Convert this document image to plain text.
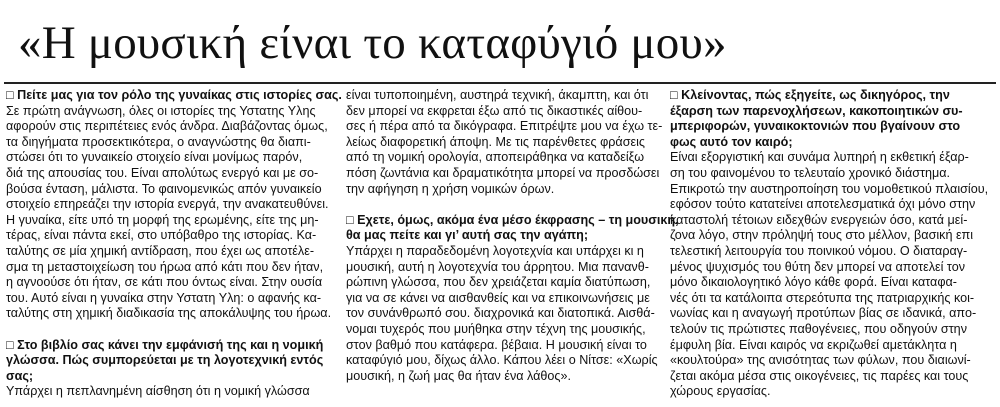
«Η μουσική είναι το καταφύγιό μου»
□ Πείτε μας για τον ρόλο της γυναίκας στις ιστορίες σας.
Σε πρώτη ανάγνωση, όλες οι ιστορίες της Υστατης Υλης
αφορούν στις περιπέτειες ενός άνδρα. Διαβάζοντας όμως,
τα διηγήματα προσεκτικότερα, ο αναγνώστης θα διαπι-
στώσει ότι το γυναικείο στοιχείο είναι μονίμως παρόν,
διά της απουσίας του. Είναι απολύτως ενεργό και με σο-
βούσα ένταση, μάλιστα. Το φαινομενικώς απόν γυναικείο
στοιχείο επηρεάζει την ιστορία ενεργά, την ανακατευθύνει.
Η γυναίκα, είτε υπό τη μορφή της ερωμένης, είτε της μη-
τέρας, είναι πάντα εκεί, στο υπόβαθρο της ιστορίας. Κα-
ταλύτης σε μία χημική αντίδραση, που έχει ως αποτέλε-
σμα τη μεταστοιχείωση του ήρωα από κάτι που δεν ήταν,
η αγνοούσε ότι ήταν, σε κάτι που όντως είναι. Στην ουσία
του. Αυτό είναι η γυναίκα στην Υστατη Υλη: ο αφανής κα-
ταλύτης στη χημική διαδικασία της αποκάλυψης του ήρωα.
□ Στο βιβλίο σας κάνει την εμφάνισή της και η νομική
γλώσσα. Πώς συμπορεύεται με τη λογοτεχνική εντός
σας;
Υπάρχει η πεπλανημένη αίσθηση ότι η νομική γλώσσα
είναι τυποποιημένη, αυστηρά τεχνική, άκαμπτη, και ότι
δεν μπορεί να εκφρεται έξω από τις δικαστικές αίθου-
σες ή πέρα από τα δικόγραφα. Επιτρέψτε μου να έχω τε-
λείως διαφορετική άποψη. Με τις παρένθετες φράσεις
από τη νομική ορολογία, αποπειράθηκα να καταδείξω
πόση ζωντάνια και δραματικότητα μπορεί να προσδώσει
την αφήγηση η χρήση νομικών όρων.
□ Εχετε, όμως, ακόμα ένα μέσο έκφρασης – τη μουσική,
θα μας πείτε και γι’ αυτή σας την αγάπη;
Υπάρχει η παραδεδομένη λογοτεχνία και υπάρχει κι η
μουσική, αυτή η λογοτεχνία του άρρητου. Μια πανανθ-
ρώπινη γλώσσα, που δεν χρειάζεται καμία διατύπωση,
για να σε κάνει να αισθανθείς και να επικοινωνήσεις με
τον συνάνθρωπό σου. διαχρονικά και διατοπικά. Αισθά-
νομαι τυχερός που μυήθηκα στην τέχνη της μουσικής,
στον βαθμό που κατάφερα. βέβαια. Η μουσική είναι το
καταφύγιό μου, δίχως άλλο. Κάπου λέει ο Νίτσε: «Χωρίς
μουσική, η ζωή μας θα ήταν ένα λάθος».
□ Κλείνοντας, πώς εξηγείτε, ως δικηγόρος, την
έξαρση των παρενοχλήσεων, κακοποιητικών συ-
μπεριφορών, γυναικοκτονιών που βγαίνουν στο
φως αυτό τον καιρό;
Είναι εξοργιστική και συνάμα λυπηρή η εκθετική έξαρ-
ση του φαινομένου το τελευταίο χρονικό διάστημα.
Επικροτώ την αυστηροποίηση του νομοθετικού πλαισίου,
εφόσον τούτο κατατείνει αποτελεσματικά όχι μόνο στην
καταστολή τέτοιων ειδεχθών ενεργειών όσο, κατά μεί-
ζονα λόγο, στην πρόληψή τους στο μέλλον, βασική επι
τελεστική λειτουργία του ποινικού νόμου. Ο διαταραγ-
μένος ψυχισμός του θύτη δεν μπορεί να αποτελεί τον
μόνο δικαιολογητικό λόγο κάθε φορά. Είναι καταφα-
νές ότι τα κατάλοιπα στερεότυπα της πατριαρχικής κοι-
νωνίας και η αναγωγή προτύπων βίας σε ιδανικά, απο-
τελούν τις πρώτιστες παθογένειες, που οδηγούν στην
έμφυλη βία. Είναι καιρός να εκριζωθεί αμετάκλητα η
«κουλτούρα» της ανισότητας των φύλων, που διαιωνί-
ζεται ακόμα μέσα στις οικογένειες, τις παρέες και τους
χώρους εργασίας.
